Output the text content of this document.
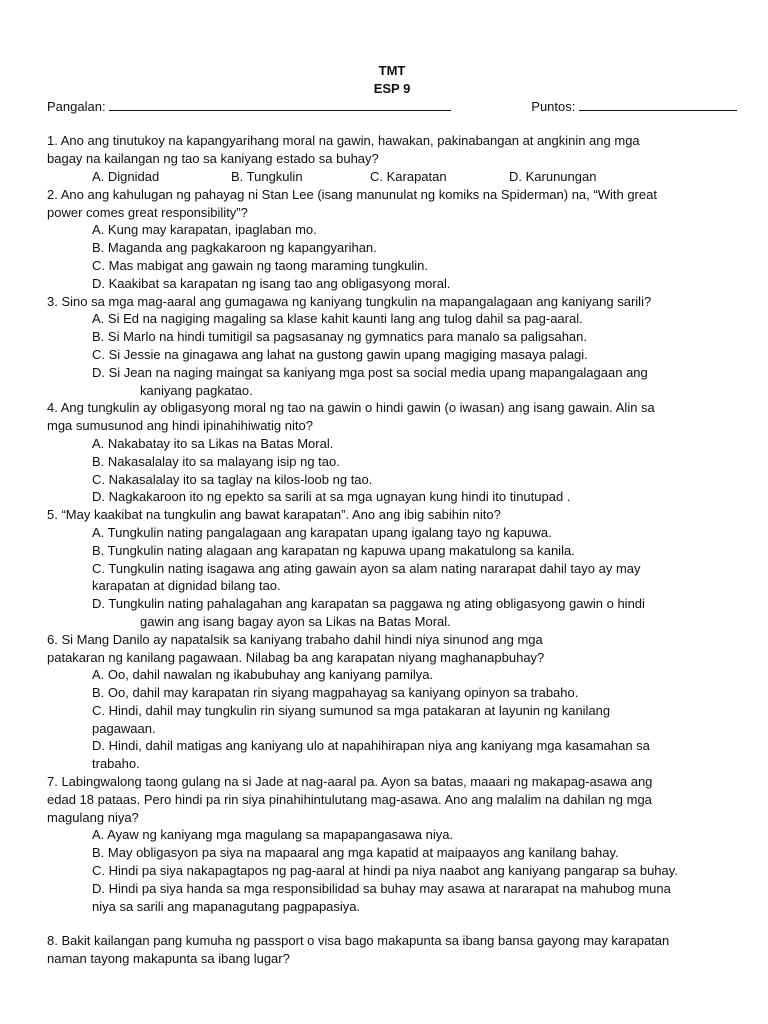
TMT
ESP 9
Pangalan:	Puntos:
1. Ano ang tinutukoy na kapangyarihang moral na gawin, hawakan, pakinabangan at angkinin ang mga
bagay na kailangan ng tao sa kaniyang estado sa buhay?
A. Dignidad	B. Tungkulin	C. Karapatan	D. Karunungan
2. Ano ang kahulugan ng pahayag ni Stan Lee (isang manunulat ng komiks na Spiderman) na, “With great
power comes great responsibility”?
A. Kung may karapatan, ipaglaban mo.
B. Maganda ang pagkakaroon ng kapangyarihan.
C. Mas mabigat ang gawain ng taong maraming tungkulin.
D. Kaakibat sa karapatan ng isang tao ang obligasyong moral.
3. Sino sa mga mag-aaral ang gumagawa ng kaniyang tungkulin na mapangalagaan ang kaniyang sarili?
A. Si Ed na nagiging magaling sa klase kahit kaunti lang ang tulog dahil sa pag-aaral.
B. Si Marlo na hindi tumitigil sa pagsasanay ng gymnatics para manalo sa paligsahan.
C. Si Jessie na ginagawa ang lahat na gustong gawin upang magiging masaya palagi.
D. Si Jean na naging maingat sa kaniyang mga post sa social media upang mapangalagaan ang
kaniyang pagkatao.
4. Ang tungkulin ay obligasyong moral ng tao na gawin o hindi gawin (o iwasan) ang isang gawain. Alin sa
mga sumusunod ang hindi ipinahihiwatig nito?
A. Nakabatay ito sa Likas na Batas Moral.
B. Nakasalalay ito sa malayang isip ng tao.
C. Nakasalalay ito sa taglay na kilos-loob ng tao.
D. Nagkakaroon ito ng epekto sa sarili at sa mga ugnayan kung hindi ito tinutupad .
5. “May kaakibat na tungkulin ang bawat karapatan”. Ano ang ibig sabihin nito?
A. Tungkulin nating pangalagaan ang karapatan upang igalang tayo ng kapuwa.
B. Tungkulin nating alagaan ang karapatan ng kapuwa upang makatulong sa kanila.
C. Tungkulin nating isagawa ang ating gawain ayon sa alam nating nararapat dahil tayo ay may
karapatan at dignidad bilang tao.
D. Tungkulin nating pahalagahan ang karapatan sa paggawa ng ating obligasyong gawin o hindi
gawin ang isang bagay ayon sa Likas na Batas Moral.
6. Si Mang Danilo ay napatalsik sa kaniyang trabaho dahil hindi niya sinunod ang mga
patakaran ng kanilang pagawaan. Nilabag ba ang karapatan niyang maghanapbuhay?
A. Oo, dahil nawalan ng ikabubuhay ang kaniyang pamilya.
B. Oo, dahil may karapatan rin siyang magpahayag sa kaniyang opinyon sa trabaho.
C. Hindi, dahil may tungkulin rin siyang sumunod sa mga patakaran at layunin ng kanilang
pagawaan.
D. Hindi, dahil matigas ang kaniyang ulo at napahihirapan niya ang kaniyang mga kasamahan sa
trabaho.
7. Labingwalong taong gulang na si Jade at nag-aaral pa. Ayon sa batas, maaari ng makapag-asawa ang
edad 18 pataas. Pero hindi pa rin siya pinahihintulutang mag-asawa. Ano ang malalim na dahilan ng mga
magulang niya?
A. Ayaw ng kaniyang mga magulang sa mapapangasawa niya.
B. May obligasyon pa siya na mapaaral ang mga kapatid at maipaayos ang kanilang bahay.
C. Hindi pa siya nakapagtapos ng pag-aaral at hindi pa niya naabot ang kaniyang pangarap sa buhay.
D. Hindi pa siya handa sa mga responsibilidad sa buhay may asawa at nararapat na mahubog muna
niya sa sarili ang mapanagutang pagpapasiya.
8. Bakit kailangan pang kumuha ng passport o visa bago makapunta sa ibang bansa gayong may karapatan
naman tayong makapunta sa ibang lugar?
